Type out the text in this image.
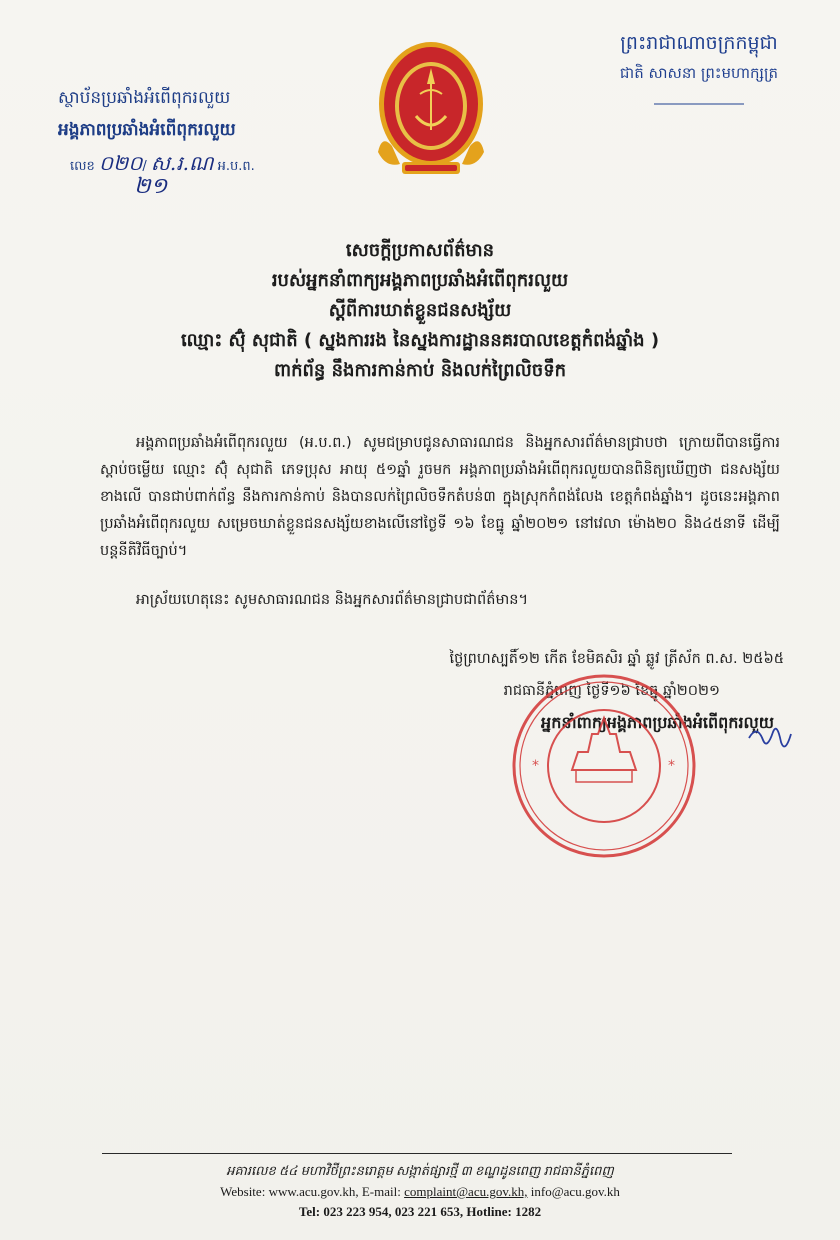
ព្រះរាជាណាចក្រកម្ពុជា
ជាតិ សាសនា ព្រះមហាក្សត្រ
ស្ថាប័នប្រឆាំងអំពើពុករលួយ
អង្គភាពប្រឆាំងអំពើពុករលួយ
លេខ ០២០/ ស.រ.ណ អ.ប.ព.
២១
សេចក្តីប្រកាសព័ត៌មាន
របស់អ្នកនាំពាក្យអង្គភាពប្រឆាំងអំពើពុករលួយ
ស្តីពីការឃាត់ខ្លួនជនសង្ស័យ
ឈ្មោះ ស៊ុំ សុជាតិ ( ស្នងការរង នៃស្នងការដ្ឋាននគរបាលខេត្តកំពង់ឆ្នាំង )
ពាក់ព័ន្ធ នឹងការកាន់កាប់ និងលក់ព្រៃលិចទឹក

អង្គភាពប្រឆាំងអំពើពុករលួយ (អ.ប.ព.) សូមជម្រាបជូនសាធារណជន និងអ្នកសារព័ត៌មានជ្រាបថា ក្រោយពីបានធ្វើការស្តាប់ចម្លើយ ឈ្មោះ ស៊ុំ សុជាតិ ភេទប្រុស អាយុ ៥១ឆ្នាំ រួចមក អង្គភាពប្រឆាំងអំពើពុករលួយបានពិនិត្យឃើញថា ជនសង្ស័យខាងលើ បានជាប់ពាក់ព័ន្ធ នឹងការកាន់កាប់ និងបានលក់ព្រៃលិចទឹកតំបន់៣ ក្នុងស្រុកកំពង់លែង ខេត្តកំពង់ឆ្នាំង។ ដូចនេះអង្គភាពប្រឆាំងអំពើពុករលួយ សម្រេចឃាត់ខ្លួនជនសង្ស័យខាងលើនៅថ្ងៃទី ១៦ ខែធ្នូ ឆ្នាំ២០២១ នៅវេលា ម៉ោង២០ និង៤៥នាទី ដើម្បីបន្តនីតិវិធីច្បាប់។

អាស្រ័យហេតុនេះ សូមសាធារណជន និងអ្នកសារព័ត៌មានជ្រាបជាព័ត៌មាន។

ថ្ងៃព្រហស្បតិ៍១២ កើត ខែមិគសិរ ឆ្នាំ ឆ្លូវ ត្រីស័ក ព.ស. ២៥៦៥
រាជធានីភ្នំពេញ ថ្ងៃទី១៦ ខែធ្នូ ឆ្នាំ២០២១
អ្នកនាំពាក្យអង្គភាពប្រឆាំងអំពើពុករលួយ
*	*
អគារលេខ ៥៤ មហាវិថីព្រះនរោត្តម សង្កាត់ផ្សារថ្មី ៣ ខណ្ឌដូនពេញ រាជធានីភ្នំពេញ
Website: www.acu.gov.kh, E-mail: complaint@acu.gov.kh, info@acu.gov.kh
Tel: 023 223 954, 023 221 653, Hotline: 1282
